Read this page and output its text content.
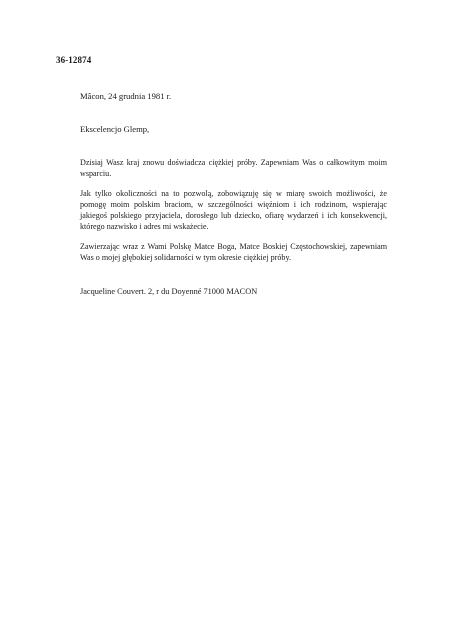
36-12874
Mâcon, 24 grudnia 1981 r.
Ekscelencjo Glemp,

Dzisiaj Wasz kraj znowu doświadcza ciężkiej próby. Zapewniam Was o całkowitym moim wsparciu.

Jak tylko okoliczności na to pozwolą, zobowiązuję się w miarę swoich możliwości, że pomogę moim polskim braciom, w szczególności więźniom i ich rodzinom, wspierając jakiegoś polskiego przyjaciela, dorosłego lub dziecko, ofiarę wydarzeń i ich konsekwencji, którego nazwisko i adres mi wskażecie.

Zawierzając wraz z Wami Polskę Matce Boga, Matce Boskiej Częstochowskiej, zapewniam Was o mojej głębokiej solidarności w tym okresie ciężkiej próby.

Jacqueline Couvert. 2, r du Doyenné 71000 MACON
